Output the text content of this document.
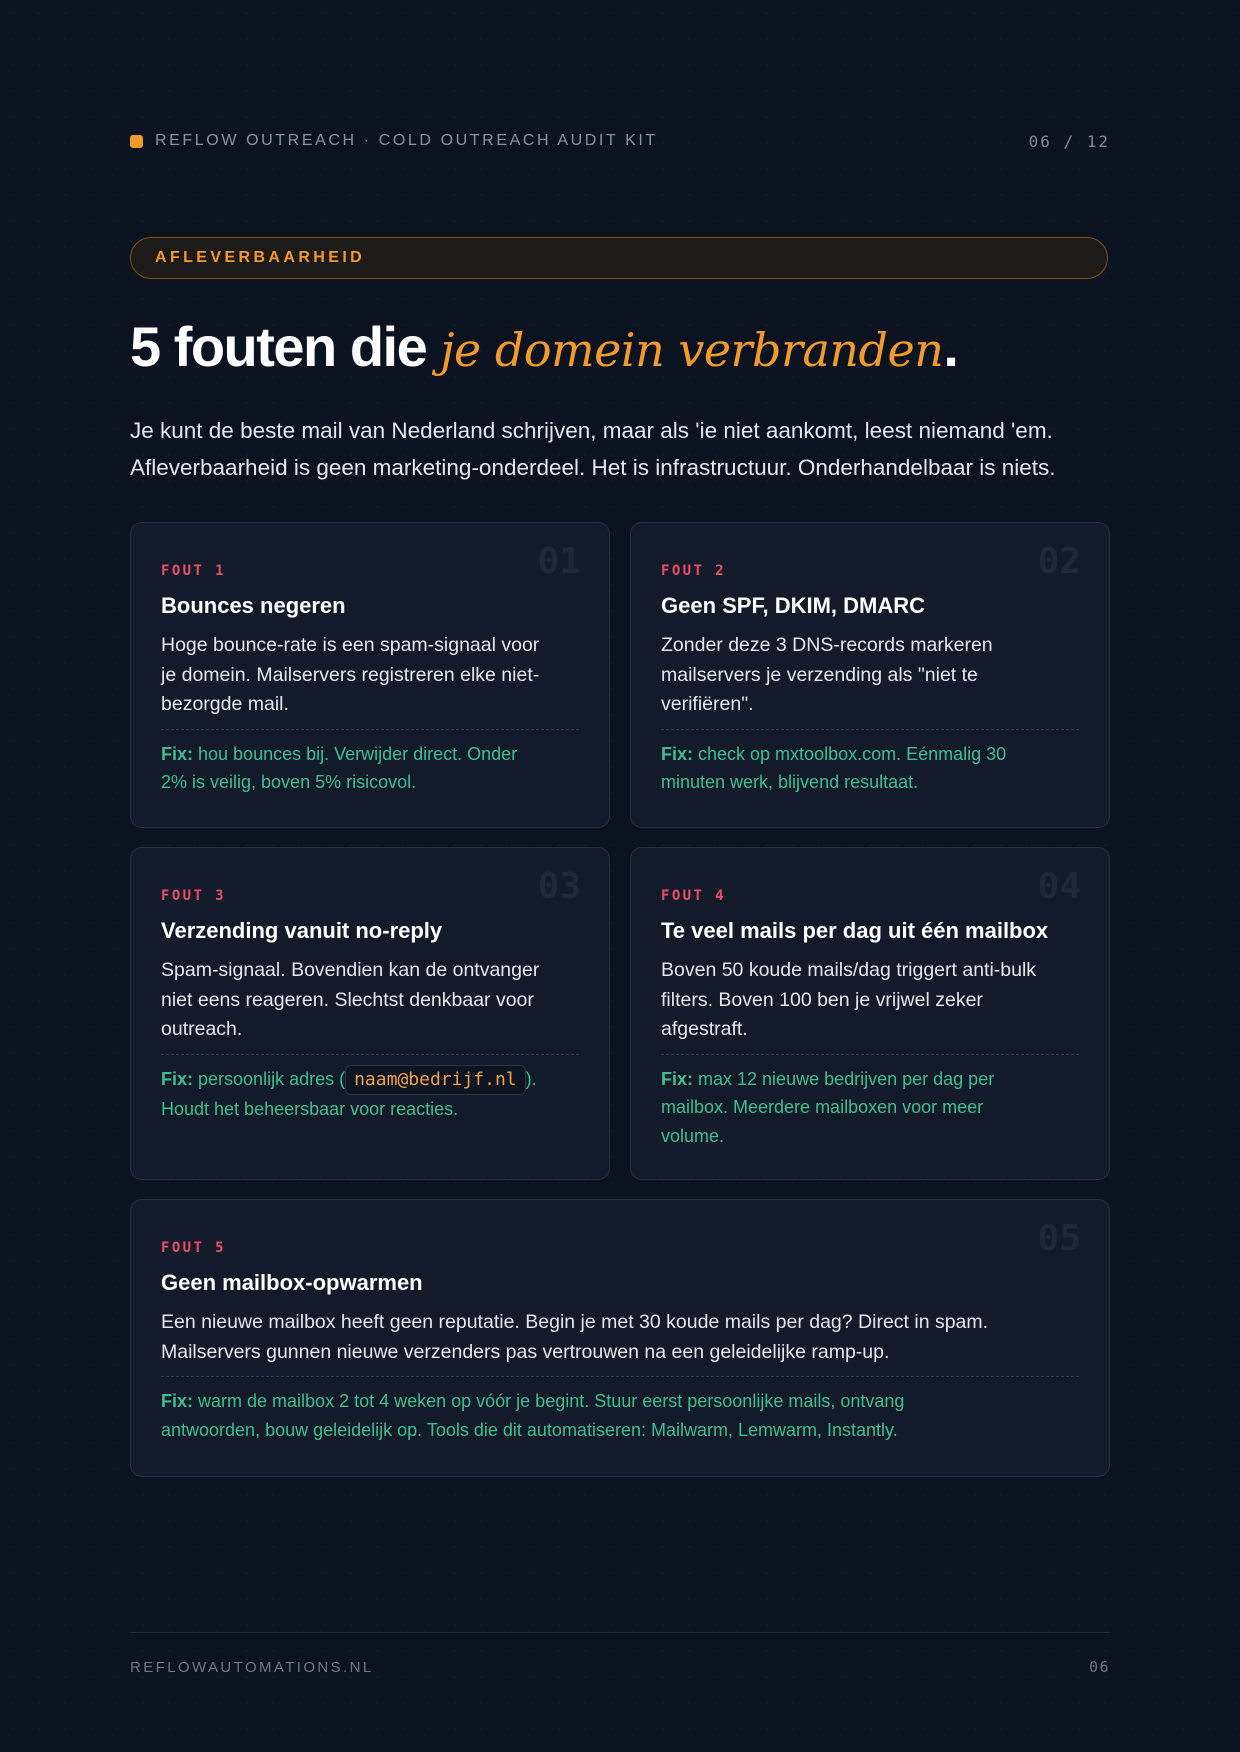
REFLOW OUTREACH · COLD OUTREACH AUDIT KIT	06 / 12
AFLEVERBAARHEID
5 fouten die je domein verbranden.

Je kunt de beste mail van Nederland schrijven, maar als 'ie niet aankomt, leest niemand 'em.
Afleverbaarheid is geen marketing-onderdeel. Het is infrastructuur. Onderhandelbaar is niets.

01
FOUT 1
Bounces negeren
Hoge bounce-rate is een spam-signaal voor
je domein. Mailservers registreren elke niet-
bezorgde mail.
Fix: hou bounces bij. Verwijder direct. Onder
2% is veilig, boven 5% risicovol.
02
FOUT 2
Geen SPF, DKIM, DMARC
Zonder deze 3 DNS-records markeren
mailservers je verzending als "niet te
verifiëren".
Fix: check op mxtoolbox.com. Eénmalig 30
minuten werk, blijvend resultaat.
03
FOUT 3
Verzending vanuit no-reply
Spam-signaal. Bovendien kan de ontvanger
niet eens reageren. Slechtst denkbaar voor
outreach.
Fix: persoonlijk adres ( naam@bedrijf.nl ).
Houdt het beheersbaar voor reacties.
04
FOUT 4
Te veel mails per dag uit één mailbox
Boven 50 koude mails/dag triggert anti-bulk
filters. Boven 100 ben je vrijwel zeker
afgestraft.
Fix: max 12 nieuwe bedrijven per dag per
mailbox. Meerdere mailboxen voor meer
volume.
05
FOUT 5
Geen mailbox-opwarmen
Een nieuwe mailbox heeft geen reputatie. Begin je met 30 koude mails per dag? Direct in spam.
Mailservers gunnen nieuwe verzenders pas vertrouwen na een geleidelijke ramp-up.
Fix: warm de mailbox 2 tot 4 weken op vóór je begint. Stuur eerst persoonlijke mails, ontvang
antwoorden, bouw geleidelijk op. Tools die dit automatiseren: Mailwarm, Lemwarm, Instantly.
REFLOWAUTOMATIONS.NL	06
